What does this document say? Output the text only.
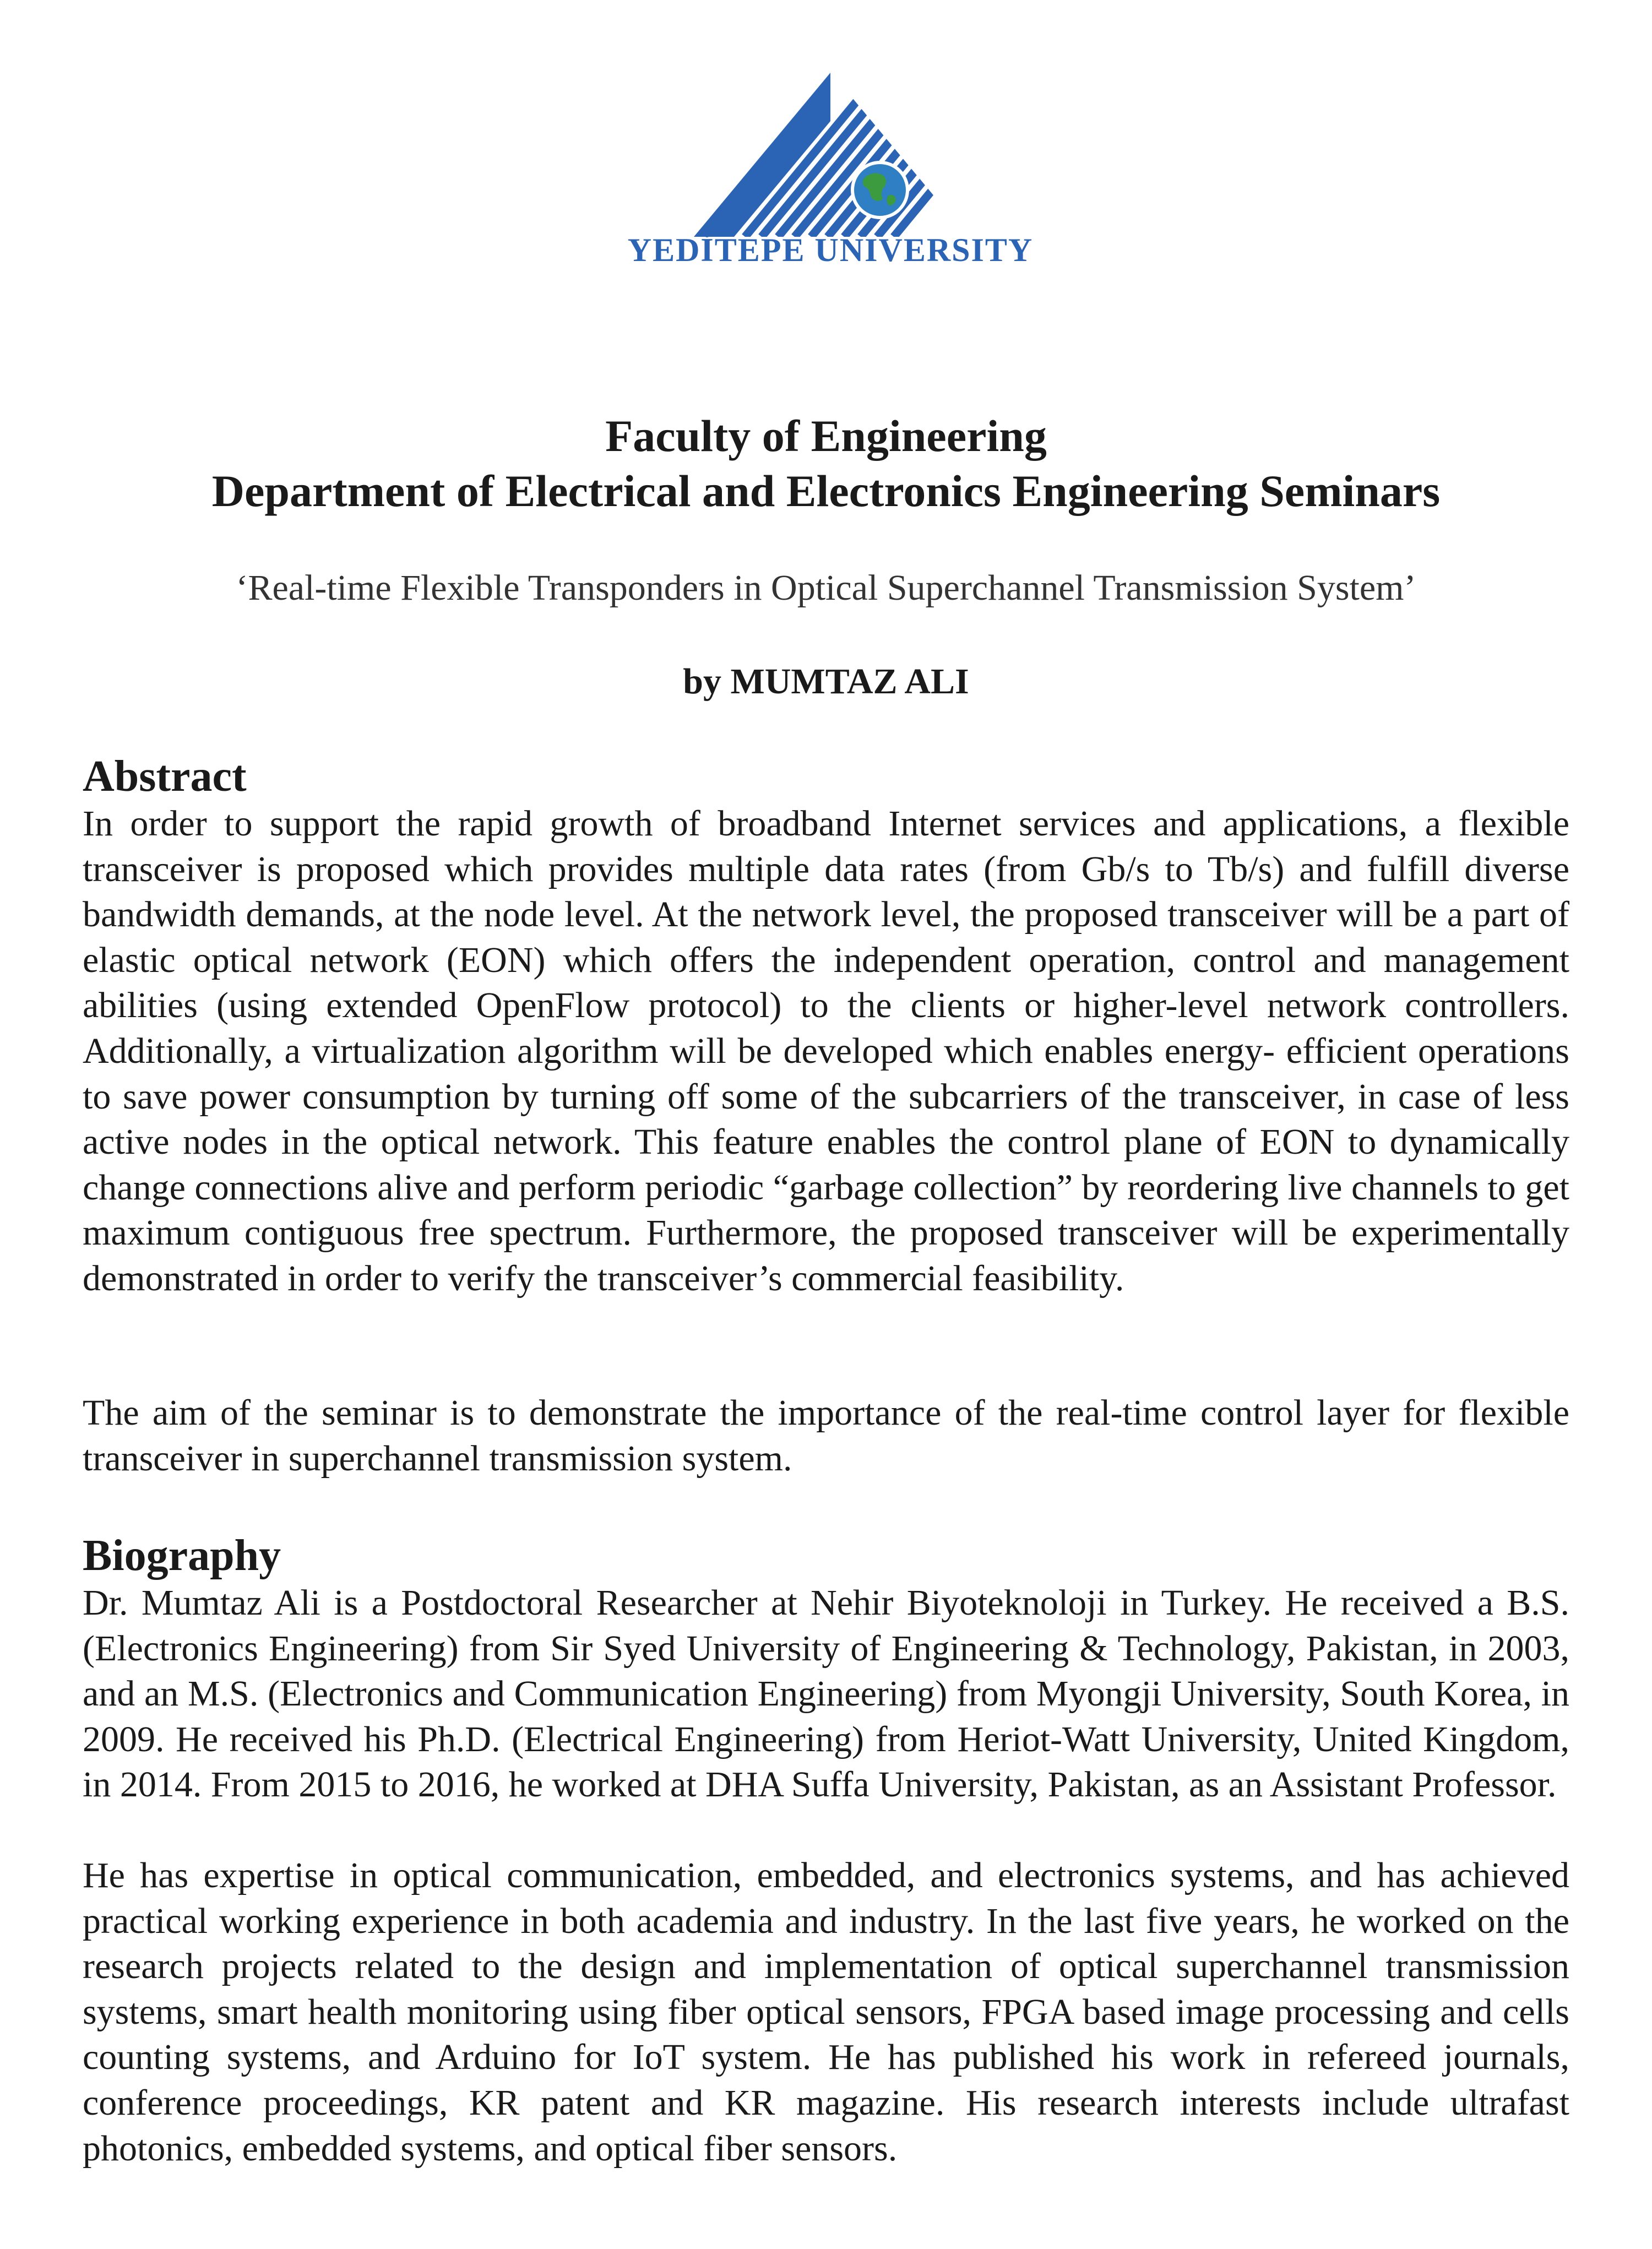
YEDİTEPE UNIVERSITY
Faculty of Engineering
Department of Electrical and Electronics Engineering Seminars
‘Real-time Flexible Transponders in Optical Superchannel Transmission System’
by MUMTAZ ALI
Abstract

In order to support the rapid growth of broadband Internet services and applications, a flexible transceiver is proposed which provides multiple data rates (from Gb/s to Tb/s) and fulfill diverse bandwidth demands, at the node level. At the network level, the proposed transceiver will be a part of elastic optical network (EON) which offers the independent operation, control and management abilities (using extended OpenFlow protocol) to the clients or higher-level network controllers. Additionally, a virtualization algorithm will be developed which enables energy- efficient operations to save power consumption by turning off some of the subcarriers of the transceiver, in case of less active nodes in the optical network. This feature enables the control plane of EON to dynamically change connections alive and perform periodic “garbage collection” by reordering live channels to get maximum contiguous free spectrum. Furthermore, the proposed transceiver will be experimentally demonstrated in order to verify the transceiver’s commercial feasibility.

The aim of the seminar is to demonstrate the importance of the real-time control layer for flexible transceiver in superchannel transmission system.

Biography

Dr. Mumtaz Ali is a Postdoctoral Researcher at Nehir Biyoteknoloji in Turkey. He received a B.S. (Electronics Engineering) from Sir Syed University of Engineering & Technology, Pakistan, in 2003, and an M.S. (Electronics and Communication Engineering) from Myongji University, South Korea, in 2009. He received his Ph.D. (Electrical Engineering) from Heriot-Watt University, United Kingdom, in 2014. From 2015 to 2016, he worked at DHA Suffa University, Pakistan, as an Assistant Professor.

He has expertise in optical communication, embedded, and electronics systems, and has achieved practical working experience in both academia and industry. In the last five years, he worked on the research projects related to the design and implementation of optical superchannel transmission systems, smart health monitoring using fiber optical sensors, FPGA based image processing and cells counting systems, and Arduino for IoT system. He has published his work in refereed journals, conference proceedings, KR patent and KR magazine. His research interests include ultrafast photonics, embedded systems, and optical fiber sensors.
